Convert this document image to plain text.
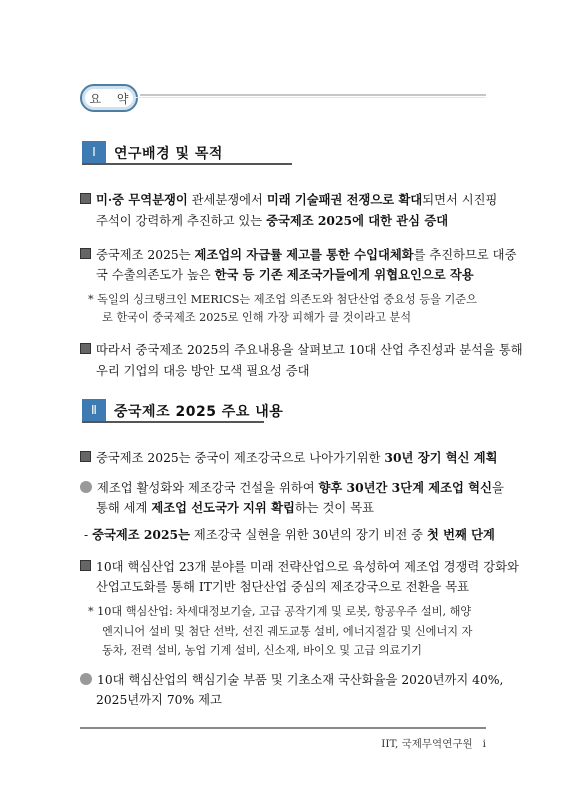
요 약
Ⅰ	연구배경 및 목적
미·중 무역분쟁이 관세분쟁에서 미래 기술패권 전쟁으로 확대되면서 시진핑
주석이 강력하게 추진하고 있는 중국제조 2025에 대한 관심 증대
중국제조 2025는 제조업의 자급률 제고를 통한 수입대체화를 추진하므로 대중
국 수출의존도가 높은 한국 등 기존 제조국가들에게 위협요인으로 작용
* 독일의 싱크탱크인 MERICS는 제조업 의존도와 첨단산업 중요성 등을 기준으
로 한국이 중국제조 2025로 인해 가장 피해가 클 것이라고 분석
따라서 중국제조 2025의 주요내용을 살펴보고 10대 산업 추진성과 분석을 통해
우리 기업의 대응 방안 모색 필요성 증대
Ⅱ	중국제조 2025 주요 내용
중국제조 2025는 중국이 제조강국으로 나아가기위한 30년 장기 혁신 계획
제조업 활성화와 제조강국 건설을 위하여 향후 30년간 3단계 제조업 혁신을
통해 세계 제조업 선도국가 지위 확립하는 것이 목표
- 중국제조 2025는 제조강국 실현을 위한 30년의 장기 비전 중 첫 번째 단계
10대 핵심산업 23개 분야를 미래 전략산업으로 육성하여 제조업 경쟁력 강화와
산업고도화를 통해 IT기반 첨단산업 중심의 제조강국으로 전환을 목표
* 10대 핵심산업: 차세대정보기술, 고급 공작기계 및 로봇, 항공우주 설비, 해양
엔지니어 설비 및 첨단 선박, 선진 궤도교통 설비, 에너지절감 및 신에너지 자
동차, 전력 설비, 농업 기계 설비, 신소재, 바이오 및 고급 의료기기
10대 핵심산업의 핵심기술 부품 및 기초소재 국산화율을 2020년까지 40%,
2025년까지 70% 제고
IIT, 국제무역연구원 i
